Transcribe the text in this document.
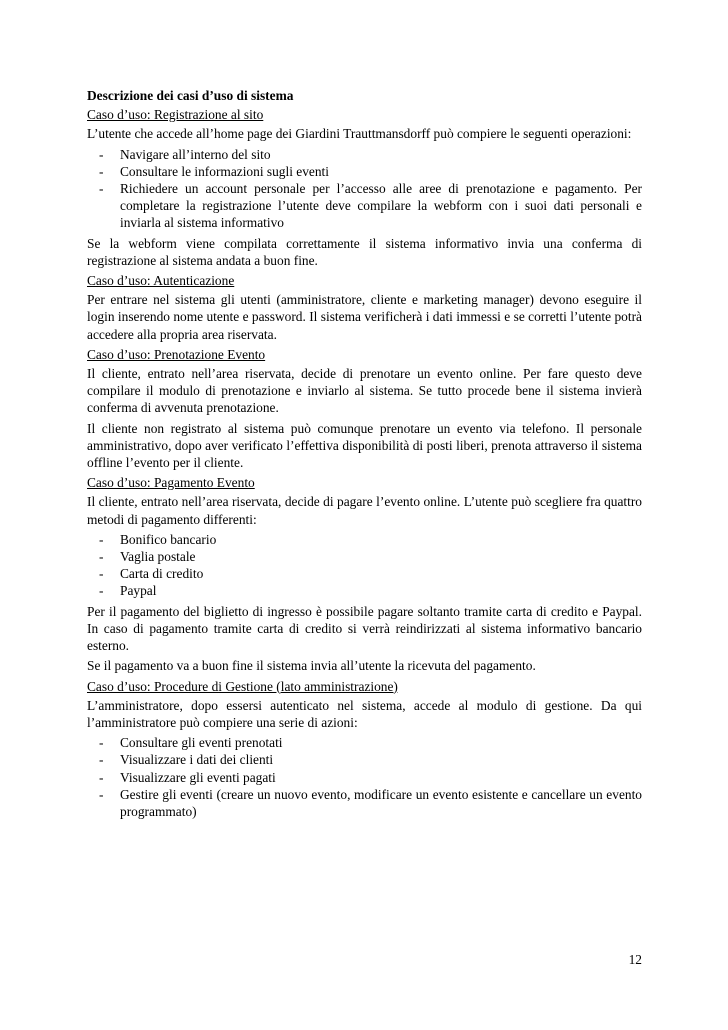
Descrizione dei casi d’uso di sistema
Caso d’uso: Registrazione al sito

L’utente che accede all’home page dei Giardini Trauttmansdorff può compiere le seguenti operazioni:

- Navigare all’interno del sito
- Consultare le informazioni sugli eventi
- Richiedere un account personale per l’accesso alle aree di prenotazione e pagamento. Per completare la registrazione l’utente deve compilare la webform con i suoi dati personali e inviarla al sistema informativo

Se la webform viene compilata correttamente il sistema informativo invia una conferma di registrazione al sistema andata a buon fine.

Caso d’uso: Autenticazione

Per entrare nel sistema gli utenti (amministratore, cliente e marketing manager) devono eseguire il login inserendo nome utente e password. Il sistema verificherà i dati immessi e se corretti l’utente potrà accedere alla propria area riservata.

Caso d’uso: Prenotazione Evento

Il cliente, entrato nell’area riservata, decide di prenotare un evento online. Per fare questo deve compilare il modulo di prenotazione e inviarlo al sistema. Se tutto procede bene il sistema invierà conferma di avvenuta prenotazione.

Il cliente non registrato al sistema può comunque prenotare un evento via telefono. Il personale amministrativo, dopo aver verificato l’effettiva disponibilità di posti liberi, prenota attraverso il sistema offline l’evento per il cliente.

Caso d’uso: Pagamento Evento

Il cliente, entrato nell’area riservata, decide di pagare l’evento online. L’utente può scegliere fra quattro metodi di pagamento differenti:

- Bonifico bancario
- Vaglia postale
- Carta di credito
- Paypal

Per il pagamento del biglietto di ingresso è possibile pagare soltanto tramite carta di credito e Paypal. In caso di pagamento tramite carta di credito si verrà reindirizzati al sistema informativo bancario esterno.

Se il pagamento va a buon fine il sistema invia all’utente la ricevuta del pagamento.

Caso d’uso: Procedure di Gestione (lato amministrazione)

L’amministratore, dopo essersi autenticato nel sistema, accede al modulo di gestione. Da qui l’amministratore può compiere una serie di azioni:

- Consultare gli eventi prenotati
- Visualizzare i dati dei clienti
- Visualizzare gli eventi pagati
- Gestire gli eventi (creare un nuovo evento, modificare un evento esistente e cancellare un evento programmato)
12
